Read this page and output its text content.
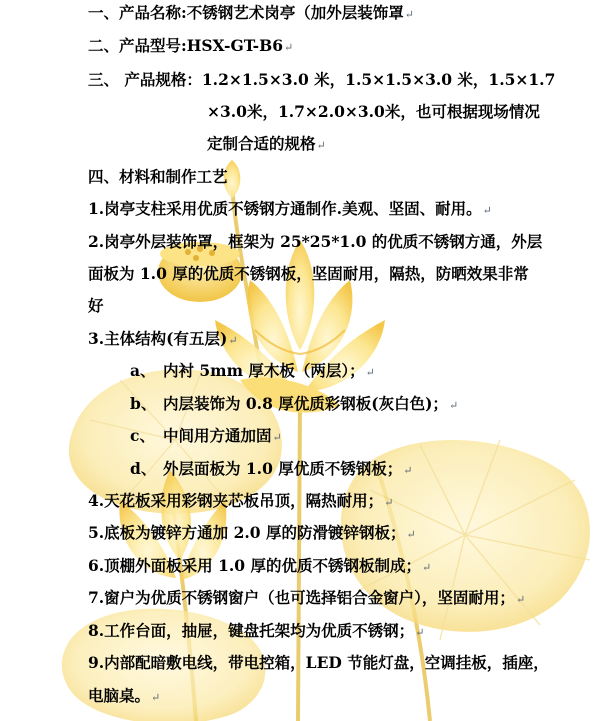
一、产品名称:不锈钢艺术岗亭（加外层装饰罩↵
二、产品型号:HSX-GT-B6↵
三、 产品规格：1.2×1.5×3.0 米，1.5×1.5×3.0 米，1.5×1.7
×3.0米，1.7×2.0×3.0米，也可根据现场情况
定制合适的规格↵
四、材料和制作工艺
1.岗亭支柱采用优质不锈钢方通制作.美观、坚固、耐用。↵
2.岗亭外层装饰罩，框架为 25*25*1.0 的优质不锈钢方通，外层
面板为 1.0 厚的优质不锈钢板，坚固耐用，隔热，防晒效果非常
好
3.主体结构(有五层)↵
a、 内衬 5mm 厚木板（两层）；↵
b、 内层装饰为 0.8 厚优质彩钢板(灰白色)；↵
c、 中间用方通加固↵
d、 外层面板为 1.0 厚优质不锈钢板；↵
4.天花板采用彩钢夹芯板吊顶，隔热耐用；↵
5.底板为镀锌方通加 2.0 厚的防滑镀锌钢板；↵
6.顶棚外面板采用 1.0 厚的优质不锈钢板制成；↵
7.窗户为优质不锈钢窗户（也可选择铝合金窗户），坚固耐用；↵
8.工作台面，抽屉，键盘托架均为优质不锈钢；↵
9.内部配暗敷电线，带电控箱，LED 节能灯盘，空调挂板，插座，
电脑桌。↵
